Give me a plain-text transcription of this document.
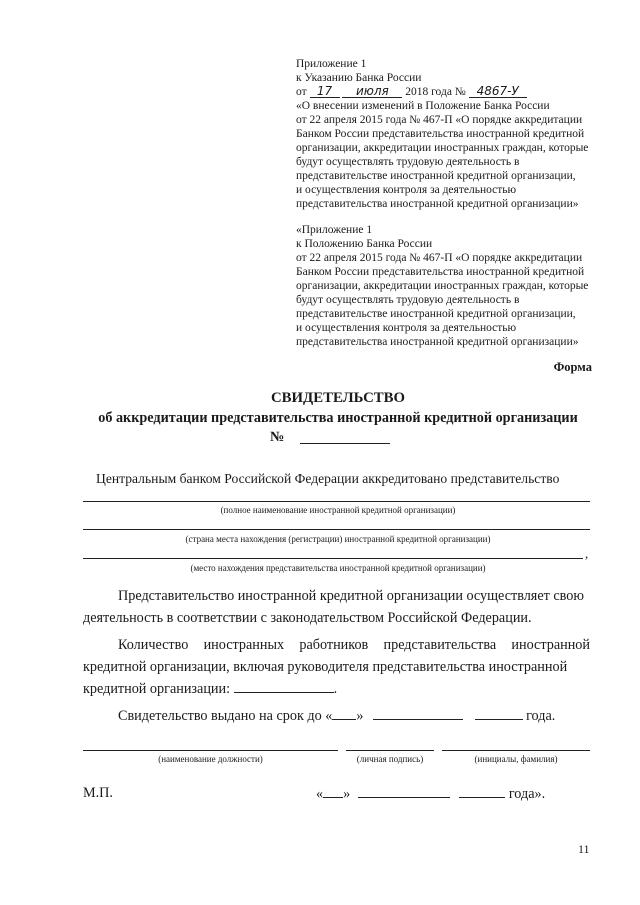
Приложение 1
к Указанию Банка России
от 17 июля 2018 года № 4867-У
«О внесении изменений в Положение Банка России
от 22 апреля 2015 года № 467-П «О порядке аккредитации
Банком России представительства иностранной кредитной
организации, аккредитации иностранных граждан, которые
будут осуществлять трудовую деятельность в
представительстве иностранной кредитной организации,
и осуществления контроля за деятельностью
представительства иностранной кредитной организации»
«Приложение 1
к Положению Банка России
от 22 апреля 2015 года № 467-П «О порядке аккредитации
Банком России представительства иностранной кредитной
организации, аккредитации иностранных граждан, которые
будут осуществлять трудовую деятельность в
представительстве иностранной кредитной организации,
и осуществления контроля за деятельностью
представительства иностранной кредитной организации»
Форма
СВИДЕТЕЛЬСТВО
об аккредитации представительства иностранной кредитной организации
№
Центральным банком Российской Федерации аккредитовано представительство
(полное наименование иностранной кредитной организации)
(страна места нахождения (регистрации) иностранной кредитной организации)
,
(место нахождения представительства иностранной кредитной организации)
Представительство иностранной кредитной организации осуществляет свою
деятельность в соответствии с законодательством Российской Федерации.
Количество иностранных работников представительства иностранной
кредитной организации, включая руководителя представительства иностранной
кредитной организации:	.
Свидетельство выдано на срок до « »	года.
(наименование должности)	(личная подпись)	(инициалы, фамилия)
М.П.	« »	года».
11
